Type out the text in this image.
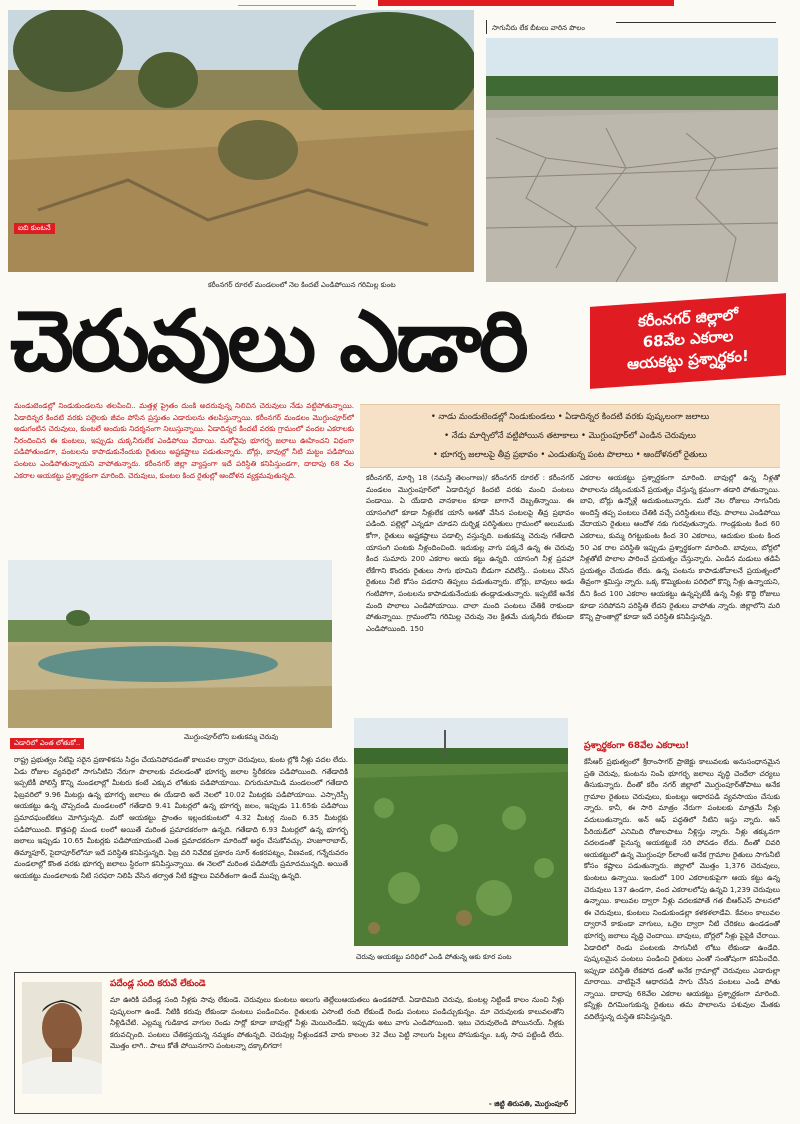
ఐబి కుంటనే
కరీంనగర్ రూరల్ మండలంలో నెల కిందటే ఎండిపోయిన గరిమిల్ల కుంట
సాగునీరు లేక బీటలు వారిన పొలం
చెరువులు ఎడారి	కరీంనగర్ జిల్లాలో
68వేల ఎకరాల
ఆయకట్టు ప్రశ్నార్థకం!

మండుటెండల్లో నిండుకుండలను తలపించి.. మత్తళ్ల ప్రైతం దుంకి అదరువున్న నిలిచిన చెరువులు నేడు వట్టిపోతున్నాయి. ఏడాదిన్నర కిందటి వరకు పల్లెలకు జీవం పోసిన ప్రస్తుతం ఎడారులను తలపిస్తున్నాయి. కరీంనగర్ మండలం మొగ్దుంపూర్‌లో అడుగంటిన చెరువులు, కుంటలే అందుకు నిదర్శనంగా నిలుస్తున్నాయి. ఏడాదిన్నర కిందటే వరకు గ్రామంలో వందల ఎకరాలకు నీరందించిన ఈ కుంటలు, ఇప్పుడు చుక్కనీరులేక ఎండిపోయి వేదాయి. మరోవైపు భూగర్భ జలాలు ఊహించని విధంగా పడిపోతుండగా, పంటలను కాపాడుకునేందుకు రైతులు అష్టకష్టాలు పడుతున్నారు. బోర్లు, బావుల్లో నీటి మట్టం పడిపోయి పంటలు ఎండిపోతున్నాయని వాపోతున్నారు. కరీంనగర్ జిల్లా వ్యాప్తంగా ఇదే పరిస్థితి కనిపిస్తుండగా, దాదాపు 68 వేల ఎకరాల ఆయకట్టు ప్రశ్నార్థకంగా మారింది. చెరువులు, కుంటల కింద రైతుల్లో ఆందోళన వ్యక్తమవుతున్నది.

• నాడు మండుటెండల్లో నిండుకుండలు • ఏడాదిన్నర కిందటి వరకు పుష్కలంగా జలాలు
• నేడు మార్చిలోనే వట్టిపోయిన తటాకాలు • మొగ్దుంపూర్‌లో ఎండిన చెరువులు
• భూగర్భ జలాలపై తీవ్ర ప్రభావం • ఎండుతున్న పంట పొలాలు • ఆందోళనలో రైతులు
ఎడారిలో ఎంత లోతుకో..
మొగ్దుంపూర్‌లోని బతుకమ్మ చెరువు

కరీంనగర్, మార్చి 18 (నమస్తే తెలంగాణ)/ కరీంనగర్ రూరల్ : కరీంనగర్ మండలం మొగ్దుంపూర్‌లో ఏడాదిన్నర కిందటి వరకు మంచి పంటలు పండాయి. ఏ యేడాది వానకాలం కూడా బాగానే దెబ్బతిన్నాయి. ఈ యాసంగిలో కూడా నీళ్లులేక యాసే ఆశతో వేసిన పంటలపై తీవ్ర ప్రభావం పడింది. పల్లెల్లో ఎన్నడూ చూడని దుర్భిక్ష పరిస్థితులు గ్రామంలో అలుముకు కోగా, రైతులు అష్టకష్టాలు పడాల్సి వస్తున్నది. బతుకమ్మ చెరువు గతేడాది యాసంగి పంటకు నీళ్లందించింది. ఇదుకుల్ల వాగు పక్కనే ఉన్న ఈ చెరువు కింద సుమారు 200 ఎకరాల ఆయ కట్టు ఉన్నది. యాసంగి నీళ్ల ప్రవహా లేకేగాని కొందరు రైతులు సాగు భూమిని బీడుగా వదిలేస్తే.. పంటలు వేసిన రైతులు నీటి కోసం పడరాని తిప్పలు పడుతున్నారు. బోర్లు, బావులు అడు గంటిపోగా, పంటలను కాపాడుకునేందుకు తండ్లాడుతున్నారు. ఇప్పటికే అనేక మంది పొలాలు ఎండిపోయాయి. చాలా మంది పంటలు చేతికి రాకుండా పోతున్నాయి. గ్రామంలోని గరిమిల్ల చెరువు నెల క్రితమే చుక్కనీరు లేకుండా ఎండిపోయింది. 150

ఎకరాల ఆయకట్టు ప్రశ్నార్థకంగా మారింది. బావుల్లో ఉన్న నీళ్లతో పొలాలను దక్కించుకునే ప్రయత్నం చేస్తున్న క్రమంగా తడారి పోతున్నాయి. బావి, బోర్లు ఉన్నోళ్లే అదుకుంటున్నారు. మరో నెల రోజులు సాగునీరు అందిస్తే తప్ప పంటలు చేతికి వచ్చే పరిస్థితులు లేవు. పొలాలు ఎండిపోయి వేదాయని రైతులు ఆందోళ నకు గురవుతున్నారు. గాండ్లకుంట కింద 60 ఎకరాలు, కుమ్మ రిగట్టుకుంట కింద 30 ఎకరాలు, ఆదుకుల కుంట కింద 50 ఎక రాల పరిస్థితి ఇప్పుడు ప్రశ్నార్థకంగా మారింది. బావులు, బోర్లలో నీళ్లతోటే పొలాల పారించే ప్రయత్నం చేస్తున్నారు. ఎండిన మడులు తడిపే ప్రయత్నం చేయడం లేదు. ఉన్న పంటను కాపాడుకోవాలనే ప్రయత్నంలో తీవ్రంగా శ్రమిస్తు న్నారు. ఒక్క కొమ్మికుంట పరిధిలో కొన్ని నీళ్లు ఉన్నాయని, దీని కింద 100 ఎకరాల ఆయకట్టు ఉన్నప్పటికీ ఉన్న నీళ్లు కొద్ది రోజులు కూడా సరిపోవని పరిస్థితి లేదని రైతులు వాపోతు న్నారు. జిల్లాలోని మరి కొన్ని ప్రాంతాల్లో కూడా ఇదే పరిస్థితి కనిపిస్తున్నది.

రాష్ట్ర ప్రభుత్వం నీటిపై సరైన ప్రణాళికను సిద్ధం చేయనిపోవడంతో కాలువల ద్వారా చెరువులు, కుంట ల్లోకి నీళ్లు వదల లేదు. ఏడు రోజుల వ్యవధిలో సాగునీటిని నేరుగా పొలాలకు వదలడంతో భూగర్భ జలాల స్థిరీకరణ పడిపోయింది. గతేడాదికి ఇప్పటికీ పోలిస్తే కొన్ని మండలాల్లో మీటరు కంటే ఎక్కువ లోతుకు పడిపోయాయి. చిగురుమామిడి మండలంలో గతేడాది ఫిబ్రవరిలో 9.96 మీటర్లు ఉన్న భూగర్భ జలాలు ఈ యేడాది అదే నెలలో 10.02 మీటర్లకు పడిపోయాయి. ఎస్సారెస్పీ ఆయకట్టు ఉన్న చొప్పదండి మండలంలో గతేడాది 9.41 మీటర్లలో ఉన్న భూగర్భ జలం, ఇప్పుడు 11.65కు పడిపోయి ప్రమాదఘంటికలు మోగిస్తున్నది. మరో ఆయకట్టు ప్రాంతం ఇల్లందకుంటలో 4.32 మీటర్ల నుంచి 6.35 మీటర్లకు పడిపోయింది. కొత్తపల్లి మండ లంలో అయితే మరింత ప్రమాదకరంగా ఉన్నది. గతేడాది 6.93 మీటర్లలో ఉన్న భూగర్భ జలాలు ఇప్పుడు 10.65 మీటర్లకు పడిపోయాయంటే ఎంత ప్రమాదకరంగా మారిందో అర్థం చేసుకోవచ్చు. హుజూరాబాద్, తిమ్మాపూర్, సైదాపూర్‌లోనూ ఇదే పరిస్థితి కనిపిస్తున్నది. ఫిబ్ర వరి నివేదిక ప్రకారం సూర్ శంకరపట్నం, వీణవంక, గన్నేరువరం మండలాల్లో కొంత వరకు భూగర్భ జలాలు స్థిరంగా కనిపిస్తున్నాయి. ఈ నెలలో మరింత పడిపోయే ప్రమాదమున్నది. అయితే ఆయకట్టు మండలాలకు నీటి సరఫరా నిలిపి వేసిన తర్వాత నీటి కష్టాలు వివరీతంగా ఉండే ముప్పు ఉన్నది.

చెరువు ఆయకట్టు పరిధిలో ఎండి పోతున్న ఆకు కూర పంట
ప్రశ్నార్థకంగా 68వేల ఎకరాలు!

కేసీఆర్ ప్రభుత్వంలో శ్రీరాంసాగర్ ప్రాజెక్టు కాలువలకు అనుసంధానమైన ప్రతి చెరువు, కుంటను నింపి భూగర్భ జలాలు వృద్ధి చెందేలా చర్యలు తీసుకున్నారు. దీంతో కరీం నగర్ జిల్లాలో మొగ్దుంపూర్‌తోపాటు అనేక గ్రామాల రైతులు చెరువులు, కుంటల్లు ఆధారపడి వ్యవసాయం చేసుకు న్నారు. కానీ, ఈ సారి మాత్రం నేరుగా పంటలకు మాత్రమే నీళ్లు వదులుతున్నారు. అన్ ఆఫ్ పద్ధతిలో నీటిని ఇస్తు న్నారు. ఆన్ పీరియడ్‌లో ఎనిమిది రోజులపాటు నీళ్లిస్తు న్నారు. నీళ్లు తక్కువగా వదలడంతో పైనున్న ఆయకట్టుకే సరి పోవడం లేదు. దీంతో చివరి ఆయకట్టులో ఉన్న మొగ్దుంపూ ర్‌లాంటి అనేక గ్రామాల రైతులు సాగునీటి కోసం కష్టాలు పడుతున్నారు. జిల్లాలో మొత్తం 1,376 చెరువులు, కుంటలు ఉన్నాయి. ఇందులో 100 ఎకరాలకుపైగా ఆయ కట్టు ఉన్న చెరువులు 137 ఉండగా, వంద ఎకరాలలోపు ఉన్నవి 1,239 చెరువులు ఉన్నాయి. కాలువల ద్వారా నీళ్లు వదలకపోతే గత బీఆర్ఎస్ పాలనలో ఈ చెరువులు, కుంటలు నిండుకుండల్లా కళకళలాడేవి. కేవలం కాలువల ద్వారానే కాకుండా వాగులు, ఒర్రెల ద్వారా నీటి చేరికలు ఉండడంతో భూగర్భ జలాలు వృద్ధి చెందాయి. బావులు, బోర్లలో నీళ్లు పైపైకి చేరాయి. ఏడాదిలో రెండు పంటలకు సాగునీటి లోటు లేకుండా ఉండేది. పుష్కలమైన పంటలు పండించి రైతులు ఎంతో సంతోషంగా కనిపించేది. ఇప్పుడా పరిస్థితి లేకపోవ డంతో అనేక గ్రామాల్లో చెరువులు ఎడారుల్లా మారాయి. వాటిపైనే ఆధారపడి సాగు చేసిన పంటలు ఎండి పోతు న్నాయి. దాదాపు 68వేల ఎకరాల ఆయకట్టు ప్రశ్నార్థకంగా మారింది. కన్నీళ్లు దిగమింగుకున్న రైతులు తమ పొలాలను పశువుల మేతకు వదిలేస్తున్న దుస్థితి కనిపిస్తున్నది.

పదేండ్ల సంది కరువే లేకుండె

మా ఊరికి పదేండ్ల సంది నీళ్లకు సావు లేకుండె. చెరువులు కుంటలు అలుగు తెల్లేలుఆయతలు ఉండకపోదే. ఏడాదిమిది చెరువు, కుంటల్ల నిట్టిండే కాలం నుంచి నీళ్లు పుష్కలంగా ఉండే. నీటికి కరువు లేకుండా పంటలు పండించినం. రైతులకు ఎసొంటి రంది లేకుండే రెండు పంటలు పండిచ్చుకున్నం. మా చెరువులకు కాలువలతోని నీళ్లిడిచేటి. ఎల్లమ్మ గుడికాడ వాగుల రెండు సార్లో కూడా బావుల్లో నీళ్లు మెయిరెండేవి. ఇప్పుడు అటు వాగు ఎండిపోయింది. ఇటు చెరువులెండి పోయినయ్. నీళ్లకు కరువచ్చింది. పంటలు చేతికస్తయన్న నమ్మకం పోతున్నది. చెరువుల్ల నీళ్లుండకనే వారు కాలంల 32 వేలు పెట్టి నాలుగు పిల్లలు పోసుకున్నం. ఒక్క సాప పట్టిండి లేదు. మొత్తం లాగి.. పాలు కోతే పోయినగాని పంటలన్నా దక్కాలిగదా!

- జిట్టి తిరుపతి, మొగ్దుంపూర్
